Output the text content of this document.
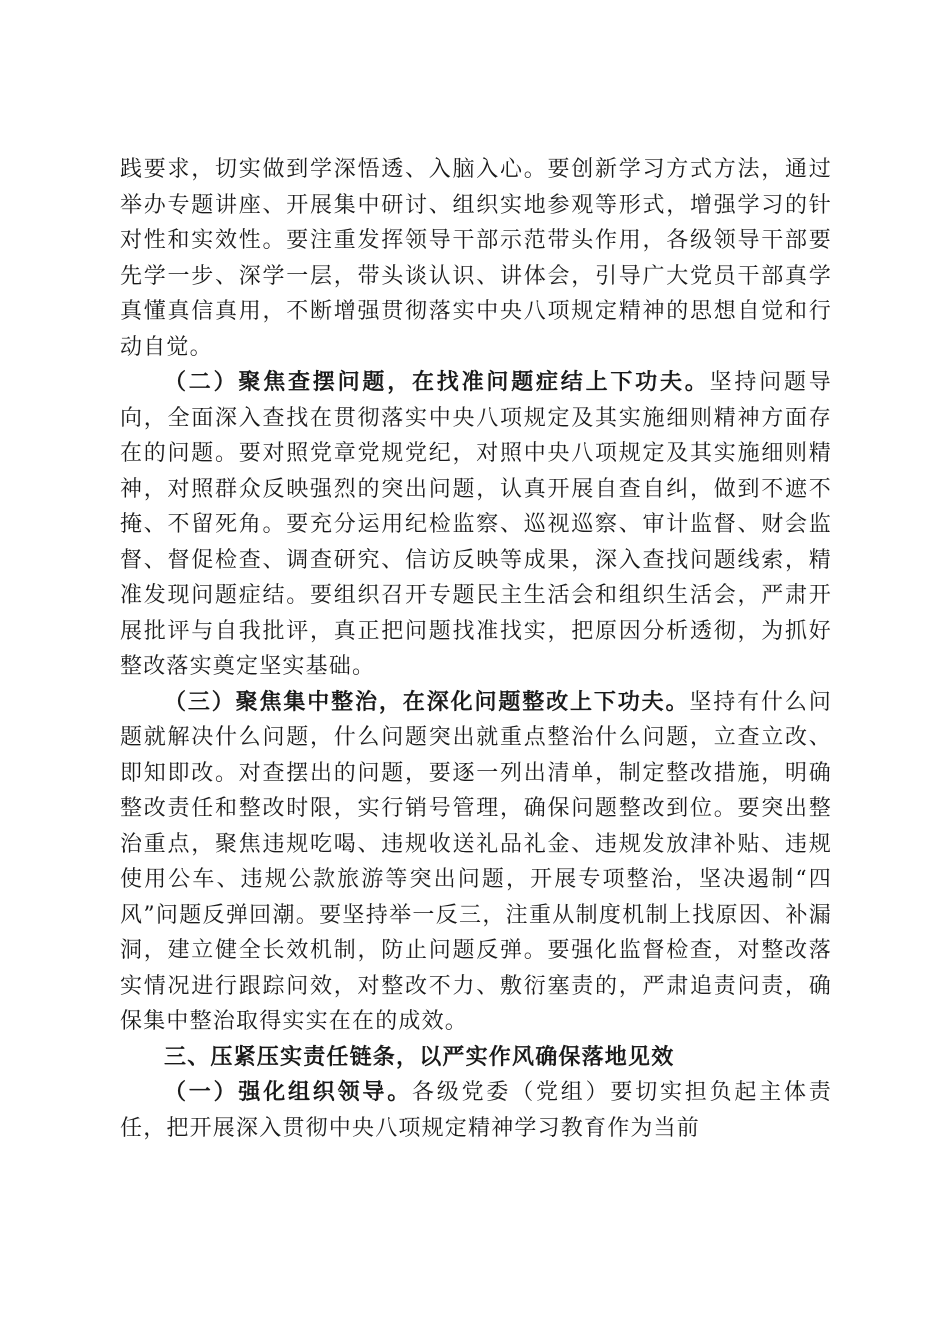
践要求，切实做到学深悟透、入脑入心。要创新学习方式方法，通过举办专题讲座、开展集中研讨、组织实地参观等形式，增强学习的针对性和实效性。要注重发挥领导干部示范带头作用，各级领导干部要先学一步、深学一层，带头谈认识、讲体会，引导广大党员干部真学真懂真信真用，不断增强贯彻落实中央八项规定精神的思想自觉和行动自觉。

（二）聚焦查摆问题，在找准问题症结上下功夫。坚持问题导向，全面深入查找在贯彻落实中央八项规定及其实施细则精神方面存在的问题。要对照党章党规党纪，对照中央八项规定及其实施细则精神，对照群众反映强烈的突出问题，认真开展自查自纠，做到不遮不掩、不留死角。要充分运用纪检监察、巡视巡察、审计监督、财会监督、督促检查、调查研究、信访反映等成果，深入查找问题线索，精准发现问题症结。要组织召开专题民主生活会和组织生活会，严肃开展批评与自我批评，真正把问题找准找实，把原因分析透彻，为抓好整改落实奠定坚实基础。

（三）聚焦集中整治，在深化问题整改上下功夫。坚持有什么问题就解决什么问题，什么问题突出就重点整治什么问题，立查立改、即知即改。对查摆出的问题，要逐一列出清单，制定整改措施，明确整改责任和整改时限，实行销号管理，确保问题整改到位。要突出整治重点，聚焦违规吃喝、违规收送礼品礼金、违规发放津补贴、违规使用公车、违规公款旅游等突出问题，开展专项整治，坚决遏制“四风”问题反弹回潮。要坚持举一反三，注重从制度机制上找原因、补漏洞，建立健全长效机制，防止问题反弹。要强化监督检查，对整改落实情况进行跟踪问效，对整改不力、敷衍塞责的，严肃追责问责，确保集中整治取得实实在在的成效。

三、压紧压实责任链条，以严实作风确保落地见效

（一）强化组织领导。各级党委（党组）要切实担负起主体责任，把开展深入贯彻中央八项规定精神学习教育作为当前
